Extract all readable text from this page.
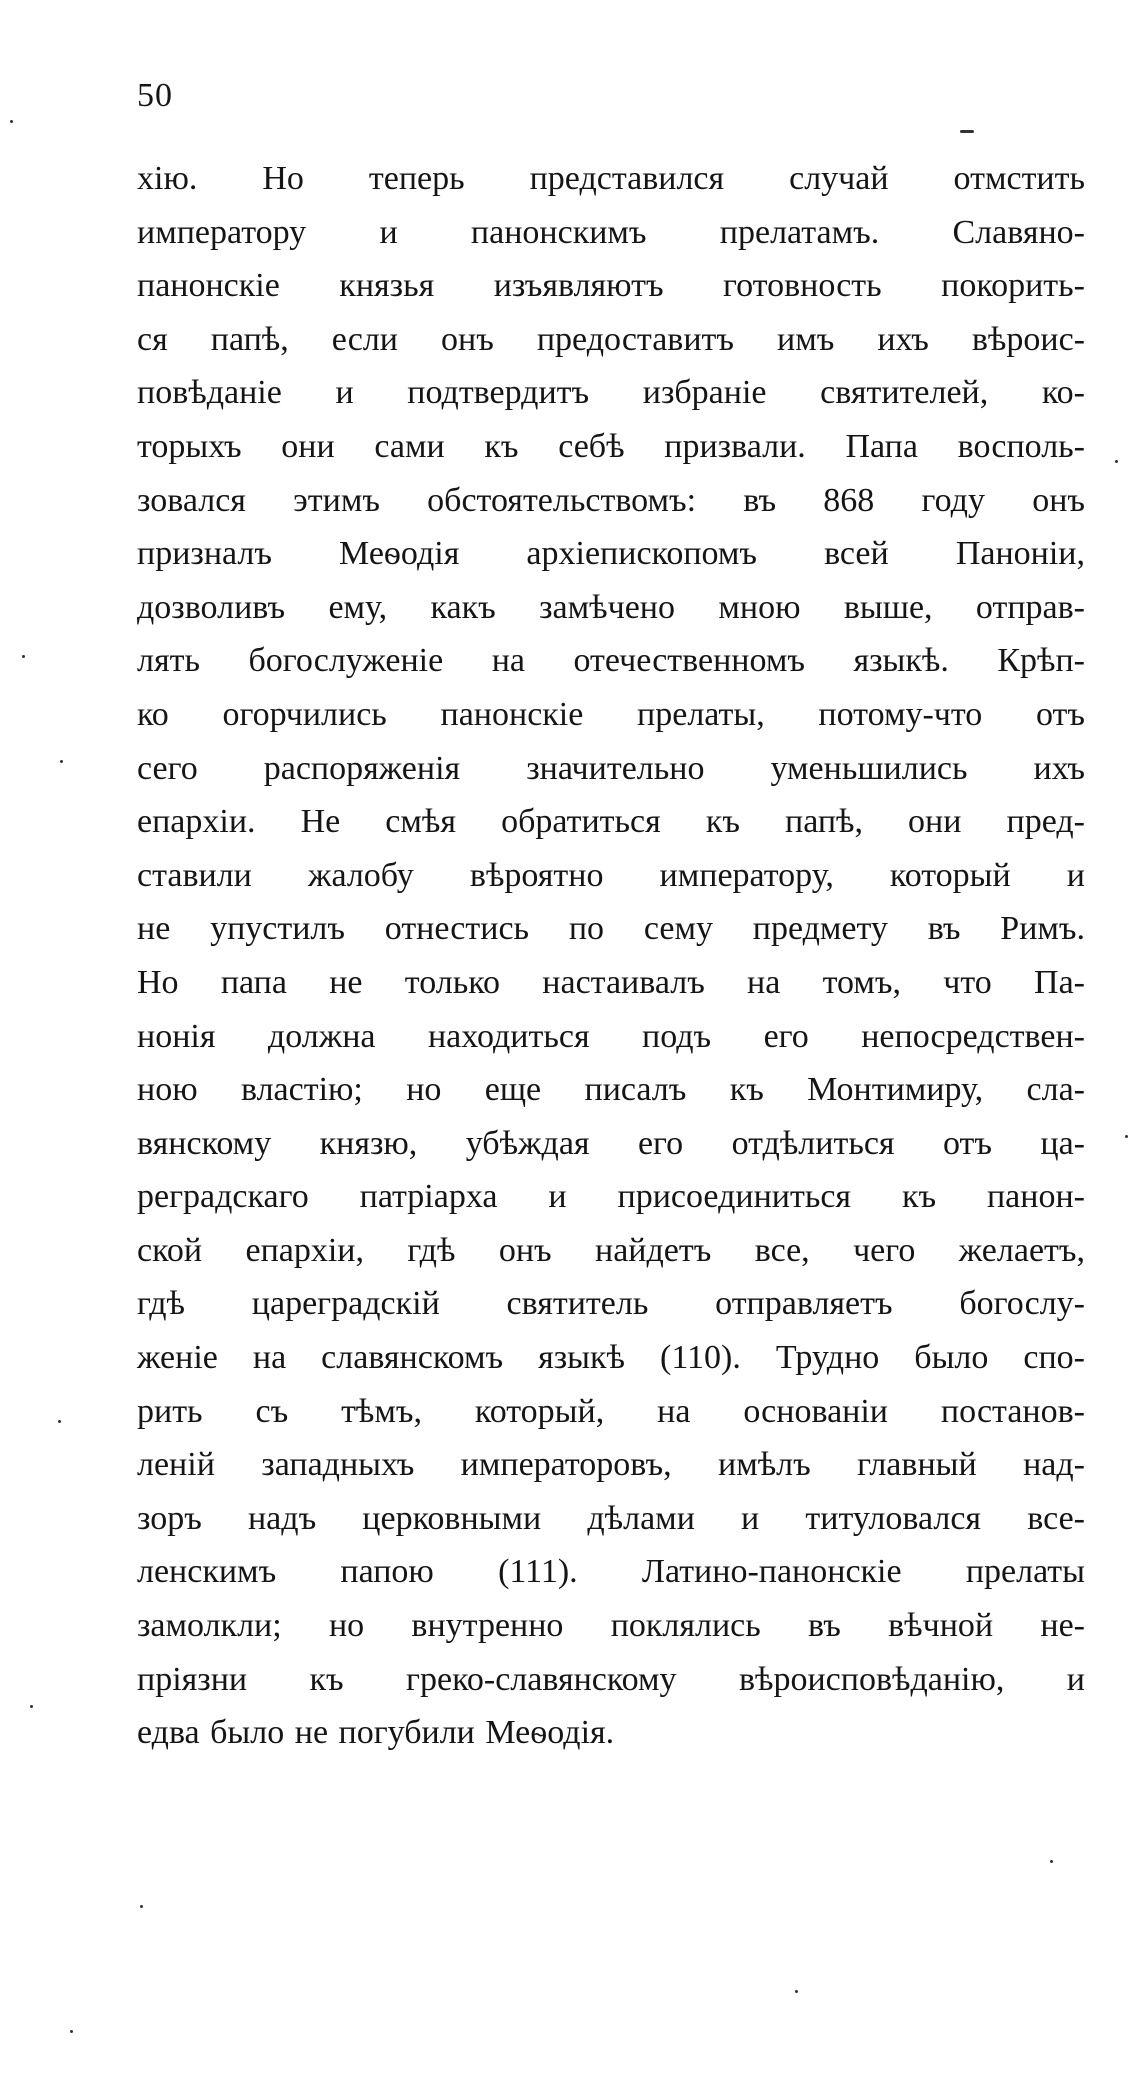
50
хію. Но теперь представился случай отмстить
императору и панонскимъ прелатамъ. Славяно-
панонскіе князья изъявляютъ готовность покорить-
ся папѣ, если онъ предоставитъ имъ ихъ вѣроис-
повѣданіе и подтвердитъ избраніе святителей, ко-
торыхъ они сами къ себѣ призвали. Папа восполь-
зовался этимъ обстоятельствомъ: въ 868 году онъ
призналъ Меѳодія архіепископомъ всей Панонiи,
дозволивъ ему, какъ замѣчено мною выше, отправ-
лять богослуженіе на отечественномъ языкѣ. Крѣп-
ко огорчились панонскіе прелаты, потому-что отъ
сего распоряженія значительно уменьшились ихъ
епархіи. Не смѣя обратиться къ папѣ, они пред-
ставили жалобу вѣроятно императору, который и
не упустилъ отнестись по сему предмету въ Римъ.
Но папа не только настаивалъ на томъ, что Па-
нонія должна находиться подъ его непосредствен-
ною властію; но еще писалъ къ Монтимиру, сла-
вянскому князю, убѣждая его отдѣлиться отъ ца-
реградскаго патріарха и присоединиться къ панон-
ской епархіи, гдѣ онъ найдетъ все, чего желаетъ,
гдѣ цареградскій святитель отправляетъ богослу-
женіе на славянскомъ языкѣ (110). Трудно было спо-
рить съ тѣмъ, который, на основаніи постанов-
леній западныхъ императоровъ, имѣлъ главный над-
зоръ надъ церковными дѣлами и титуловался все-
ленскимъ папою (111). Латино-панонскіе прелаты
замолкли; но внутренно поклялись въ вѣчной не-
пріязни къ греко-славянскому вѣроисповѣданію, и
едва было не погубили Меѳодія.
